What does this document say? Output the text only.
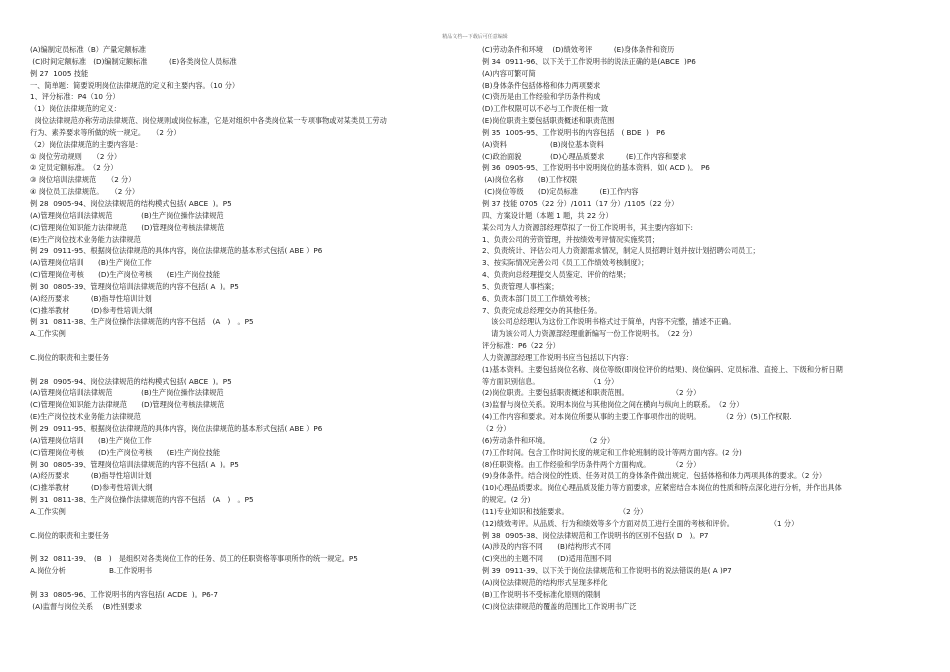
精品文档---下载后可任意编辑
(A)编制定员标准（B）产量定额标准
(C)时间定额标准　(D)编制定额标准　　　(E)各类岗位人员标准
例 27  1005 技能
一、简单题：简要说明岗位法律规范的定义和主要内容。（10 分）
1、评分标准：P4（10 分）
（1）岗位法律规范的定义：
岗位法律规范亦称劳动法律规范、岗位规则或岗位标准，它是对组织中各类岗位某一专项事物或对某类员工劳动
行为、素养要求等所做的统一规定。　　（2 分）
（2）岗位法律规范的主要内容是：
① 岗位劳动规则　　（2 分）
② 定员定额标准。　（2 分）
③ 岗位培训法律规范　　（2 分）
④ 岗位员工法律规范。　　（2 分）
例 28  0905-94、岗位法律规范的结构模式包括( ABCE  )。P5
(A)管理岗位培训法律规范　　　　(B)生产岗位操作法律规范
(C)管理岗位知识能力法律规范　　(D)管理岗位考核法律规范
(E)生产岗位技术业务能力法律规范
例 29  0911-95、根据岗位法律规范的具体内容，岗位法律规范的基本形式包括( ABE ）P6
(A)管理岗位培训　　(B)生产岗位工作
(C)管理岗位考核　　(D)生产岗位考核　　(E)生产岗位技能
例 30  0805-39、管理岗位培训法律规范的内容不包括( A  )。P5
(A)经历要求　　　(B)指导性培训计划
(C)推举教材　　　(D)参考性培训大纲
例 31  0811-38、生产岗位操作法律规范的内容不包括　(A　)　。P5
A.工作实例
C.岗位的职责和主要任务
例 28  0905-94、岗位法律规范的结构模式包括( ABCE  )。P5
(A)管理岗位培训法律规范　　　　(B)生产岗位操作法律规范
(C)管理岗位知识能力法律规范　　(D)管理岗位考核法律规范
(E)生产岗位技术业务能力法律规范
例 29  0911-95、根据岗位法律规范的具体内容，岗位法律规范的基本形式包括( ABE ）P6
(A)管理岗位培训　　(B)生产岗位工作
(C)管理岗位考核　　(D)生产岗位考核　　(E)生产岗位技能
例 30  0805-39、管理岗位培训法律规范的内容不包括( A  )。P5
(A)经历要求　　　(B)指导性培训计划
(C)推举教材　　　(D)参考性培训大纲
例 31  0811-38、生产岗位操作法律规范的内容不包括　(A　)　。P5
A.工作实例
C.岗位的职责和主要任务
例 32  0811-39、　(B　)　是组织对各类岗位工作的任务、员工的任职资格等事项所作的统一规定。P5
A.岗位分析　　　　　　B.工作说明书
例 33  0805-96、工作说明书的内容包括( ACDE  )。P6-7
(A)监督与岗位关系　 (B)性别要求
(C)劳动条件和环境　 (D)绩效考评　　　(E)身体条件和资历
例 34  0911-96、以下关于工作说明书的说法正确的是(ABCE  )P6
(A)内容可繁可简
(B)身体条件包括体格和体力两项要求
(C)资历是由工作经验和学历条件构成
(D)工作权限可以不必与工作责任相一致
(E)岗位职责主要包括职责概述和职责范围
例 35  1005-95、工作说明书的内容包括　( BDE  )　P6
(A)资料　　　　　　(B)岗位基本资料
(C)政治面貌　　　　(D)心理品质要求　　　(E)工作内容和要求
例 36  0905-95、工作说明书中说明岗位的基本资料．如( ACD )。　P6
(A)岗位名称　　(B)工作权限
(C)岗位等级　　(D)定员标准　　　(E)工作内容
例 37 技能 0705（22 分）/1011（17 分）/1105（22 分）
四、方案设计题（本题 1 题，共 22 分）
某公司为人力资源部经理草拟了一份工作说明书，其主要内容如下:
1、负责公司的劳资管理，并按绩效考评情况实施奖罚；
2、负责统计、评估公司人力资源需求情况，制定人员招聘计划并按计划招聘公司员工；
3、按实际情况完善公司《员工工作绩效考核制度》；
4、负责向总经理提交人员鉴定、评价的结果；
5、负责管理人事档案；
6、负责本部门员工工作绩效考核；
7、负责完成总经理交办的其他任务。
该公司总经理认为这份工作说明书格式过于简单，内容不完整，描述不正确。
请为该公司人力资源部经理重新编写一份工作说明书。　（22 分）
评分标准：P6（22 分）
人力资源部经理工作说明书应当包括以下内容：
(1)基本资料。主要包括岗位名称、岗位等级(即岗位评价的结果)、岗位编码、定员标准、直接上、下级和分析日期
等方面识别信息。　　　　　　　　（1 分）
(2)岗位职责。主要包括职责概述和职责范围。　　　　　　　（2 分）
(3)监督与岗位关系。说明本岗位与其他岗位之间在横向与纵向上的联系。　（2 分）
(4)工作内容和要求。对本岗位所要从事的主要工作事项作出的说明。　　　　（2 分）(5)工作权限.
（2 分）
(6)劳动条件和环境。　　　　　　（2 分）
(7)工作时间。包含工作时间长度的规定和工作轮班制的设计等两方面内容。(2 分)
(8)任职资格。由工作经验和学历条件两个方面构成。　　　　（2 分）
(9)身体条件。结合岗位的性质、任务对员工的身体条件做出规定．包括体格和体力两项具体的要求。（2 分）
(10)心理品质要求。岗位心理品质及能力等方面要求，应紧密结合本岗位的性质和特点深化进行分析，并作出具体
的规定。(2 分)
(11)专业知识和技能要求。　　　　　　　　（2 分）
(12)绩效考评。从品质、行为和绩效等多个方面对员工进行全面的考核和评价。　　　　　　（1 分）
例 38  0905-38、岗位法律规范和工作说明书的区别不包括( D　)。P7
(A)涉及的内容不同　　(B)结构形式不同
(C)突出的主题不同　　(D)适用范围不同
例 39  0911-39、以下关于岗位法律规范和工作说明书的说法错误的是( A )P7
(A)岗位法律规范的结构形式呈现多样化
(B)工作说明书不受标准化原则的限制
(C)岗位法律规范的覆盖的范围比工作说明书广泛
